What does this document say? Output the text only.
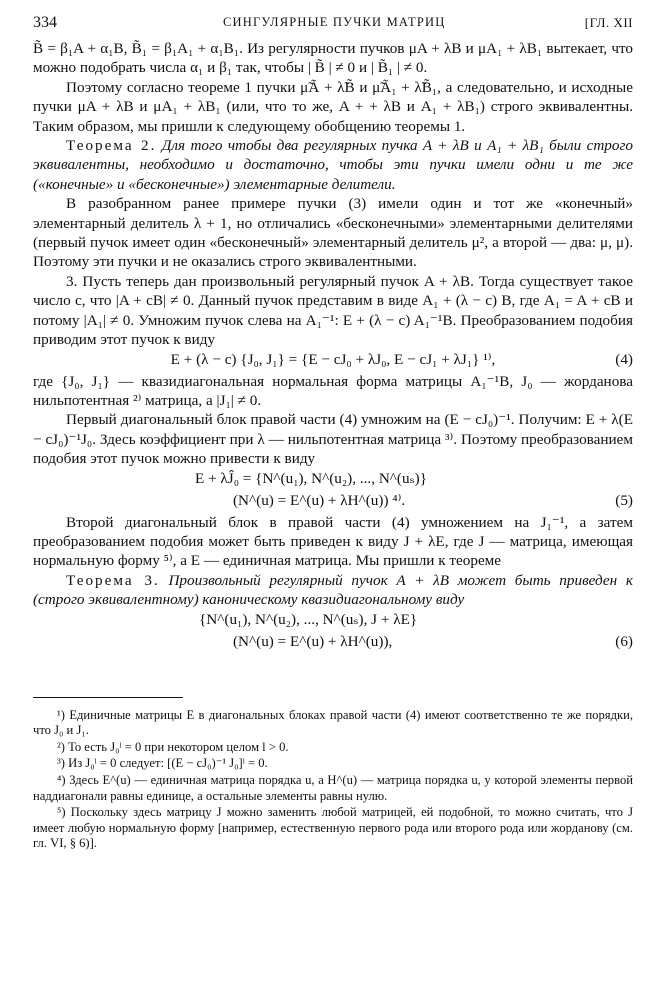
334	СИНГУЛЯРНЫЕ ПУЧКИ МАТРИЦ	[ГЛ. XII

B̃ = β₁A + α₁B, B̃₁ = β₁A₁ + α₁B₁. Из регулярности пучков μA + λB и μA₁ + λB₁ вытекает, что можно подобрать числа α₁ и β₁ так, чтобы | B̃ | ≠ 0 и | B̃₁ | ≠ 0.

Поэтому согласно теореме 1 пучки μ̃Ã + λ̃B̃ и μ̃Ã₁ + λ̃B̃₁, а следовательно, и исходные пучки μA + λB и μA₁ + λB₁ (или, что то же, A + + λB и A₁ + λB₁) строго эквивалентны. Таким образом, мы пришли к следующему обобщению теоремы 1.

Теорема 2. Для того чтобы два регулярных пучка A + λB и A₁ + λB₁ были строго эквивалентны, необходимо и достаточно, чтобы эти пучки имели одни и те же («конечные» и «бесконечные») элементарные делители.

В разобранном ранее примере пучки (3) имели один и тот же «конечный» элементарный делитель λ + 1, но отличались «бесконечными» элементарными делителями (первый пучок имеет один «бесконечный» элементарный делитель μ², а второй — два: μ, μ). Поэтому эти пучки и не оказались строго эквивалентными.

3. Пусть теперь дан произвольный регулярный пучок A + λB. Тогда существует такое число c, что |A + cB| ≠ 0. Данный пучок представим в виде A₁ + (λ − c) B, где A₁ = A + cB и потому |A₁| ≠ 0. Умножим пучок слева на A₁⁻¹: E + (λ − c) A₁⁻¹B. Преобразованием подобия приводим этот пучок к виду

E + (λ − c) {J₀, J₁} = {E − cJ₀ + λJ₀, E − cJ₁ + λJ₁} ¹⁾,	(4)

где {J₀, J₁} — квазидиагональная нормальная форма матрицы A₁⁻¹B, J₀ — жорданова нильпотентная ²⁾ матрица, а |J₁| ≠ 0.

Первый диагональный блок правой части (4) умножим на (E − cJ₀)⁻¹. Получим: E + λ(E − cJ₀)⁻¹J₀. Здесь коэффициент при λ — нильпотентная матрица ³⁾. Поэтому преобразованием подобия этот пучок можно привести к виду

E + λĴ₀ = {N^(u₁), N^(u₂), ..., N^(uₛ)}
(N^(u) = E^(u) + λH^(u)) ⁴⁾.	(5)

Второй диагональный блок в правой части (4) умножением на J₁⁻¹, а затем преобразованием подобия может быть приведен к виду J + λE, где J — матрица, имеющая нормальную форму ⁵⁾, а E — единичная матрица. Мы пришли к теореме

Теорема 3. Произвольный регулярный пучок A + λB может быть приведен к (строго эквивалентному) каноническому квазидиагональному виду

{N^(u₁), N^(u₂), ..., N^(uₛ), J + λE}
(N^(u) = E^(u) + λH^(u)),	(6)

¹) Единичные матрицы E в диагональных блоках правой части (4) имеют соответственно те же порядки, что J₀ и J₁.

²) То есть J₀ˡ = 0 при некотором целом l > 0.

³) Из J₀ˡ = 0 следует: [(E − cJ₀)⁻¹ J₀]ˡ = 0.

⁴) Здесь E^(u) — единичная матрица порядка u, а H^(u) — матрица порядка u, у которой элементы первой наддиагонали равны единице, а остальные элементы равны нулю.

⁵) Поскольку здесь матрицу J можно заменить любой матрицей, ей подобной, то можно считать, что J имеет любую нормальную форму [например, естественную первого рода или второго рода или жорданову (см. гл. VI, § 6)].
